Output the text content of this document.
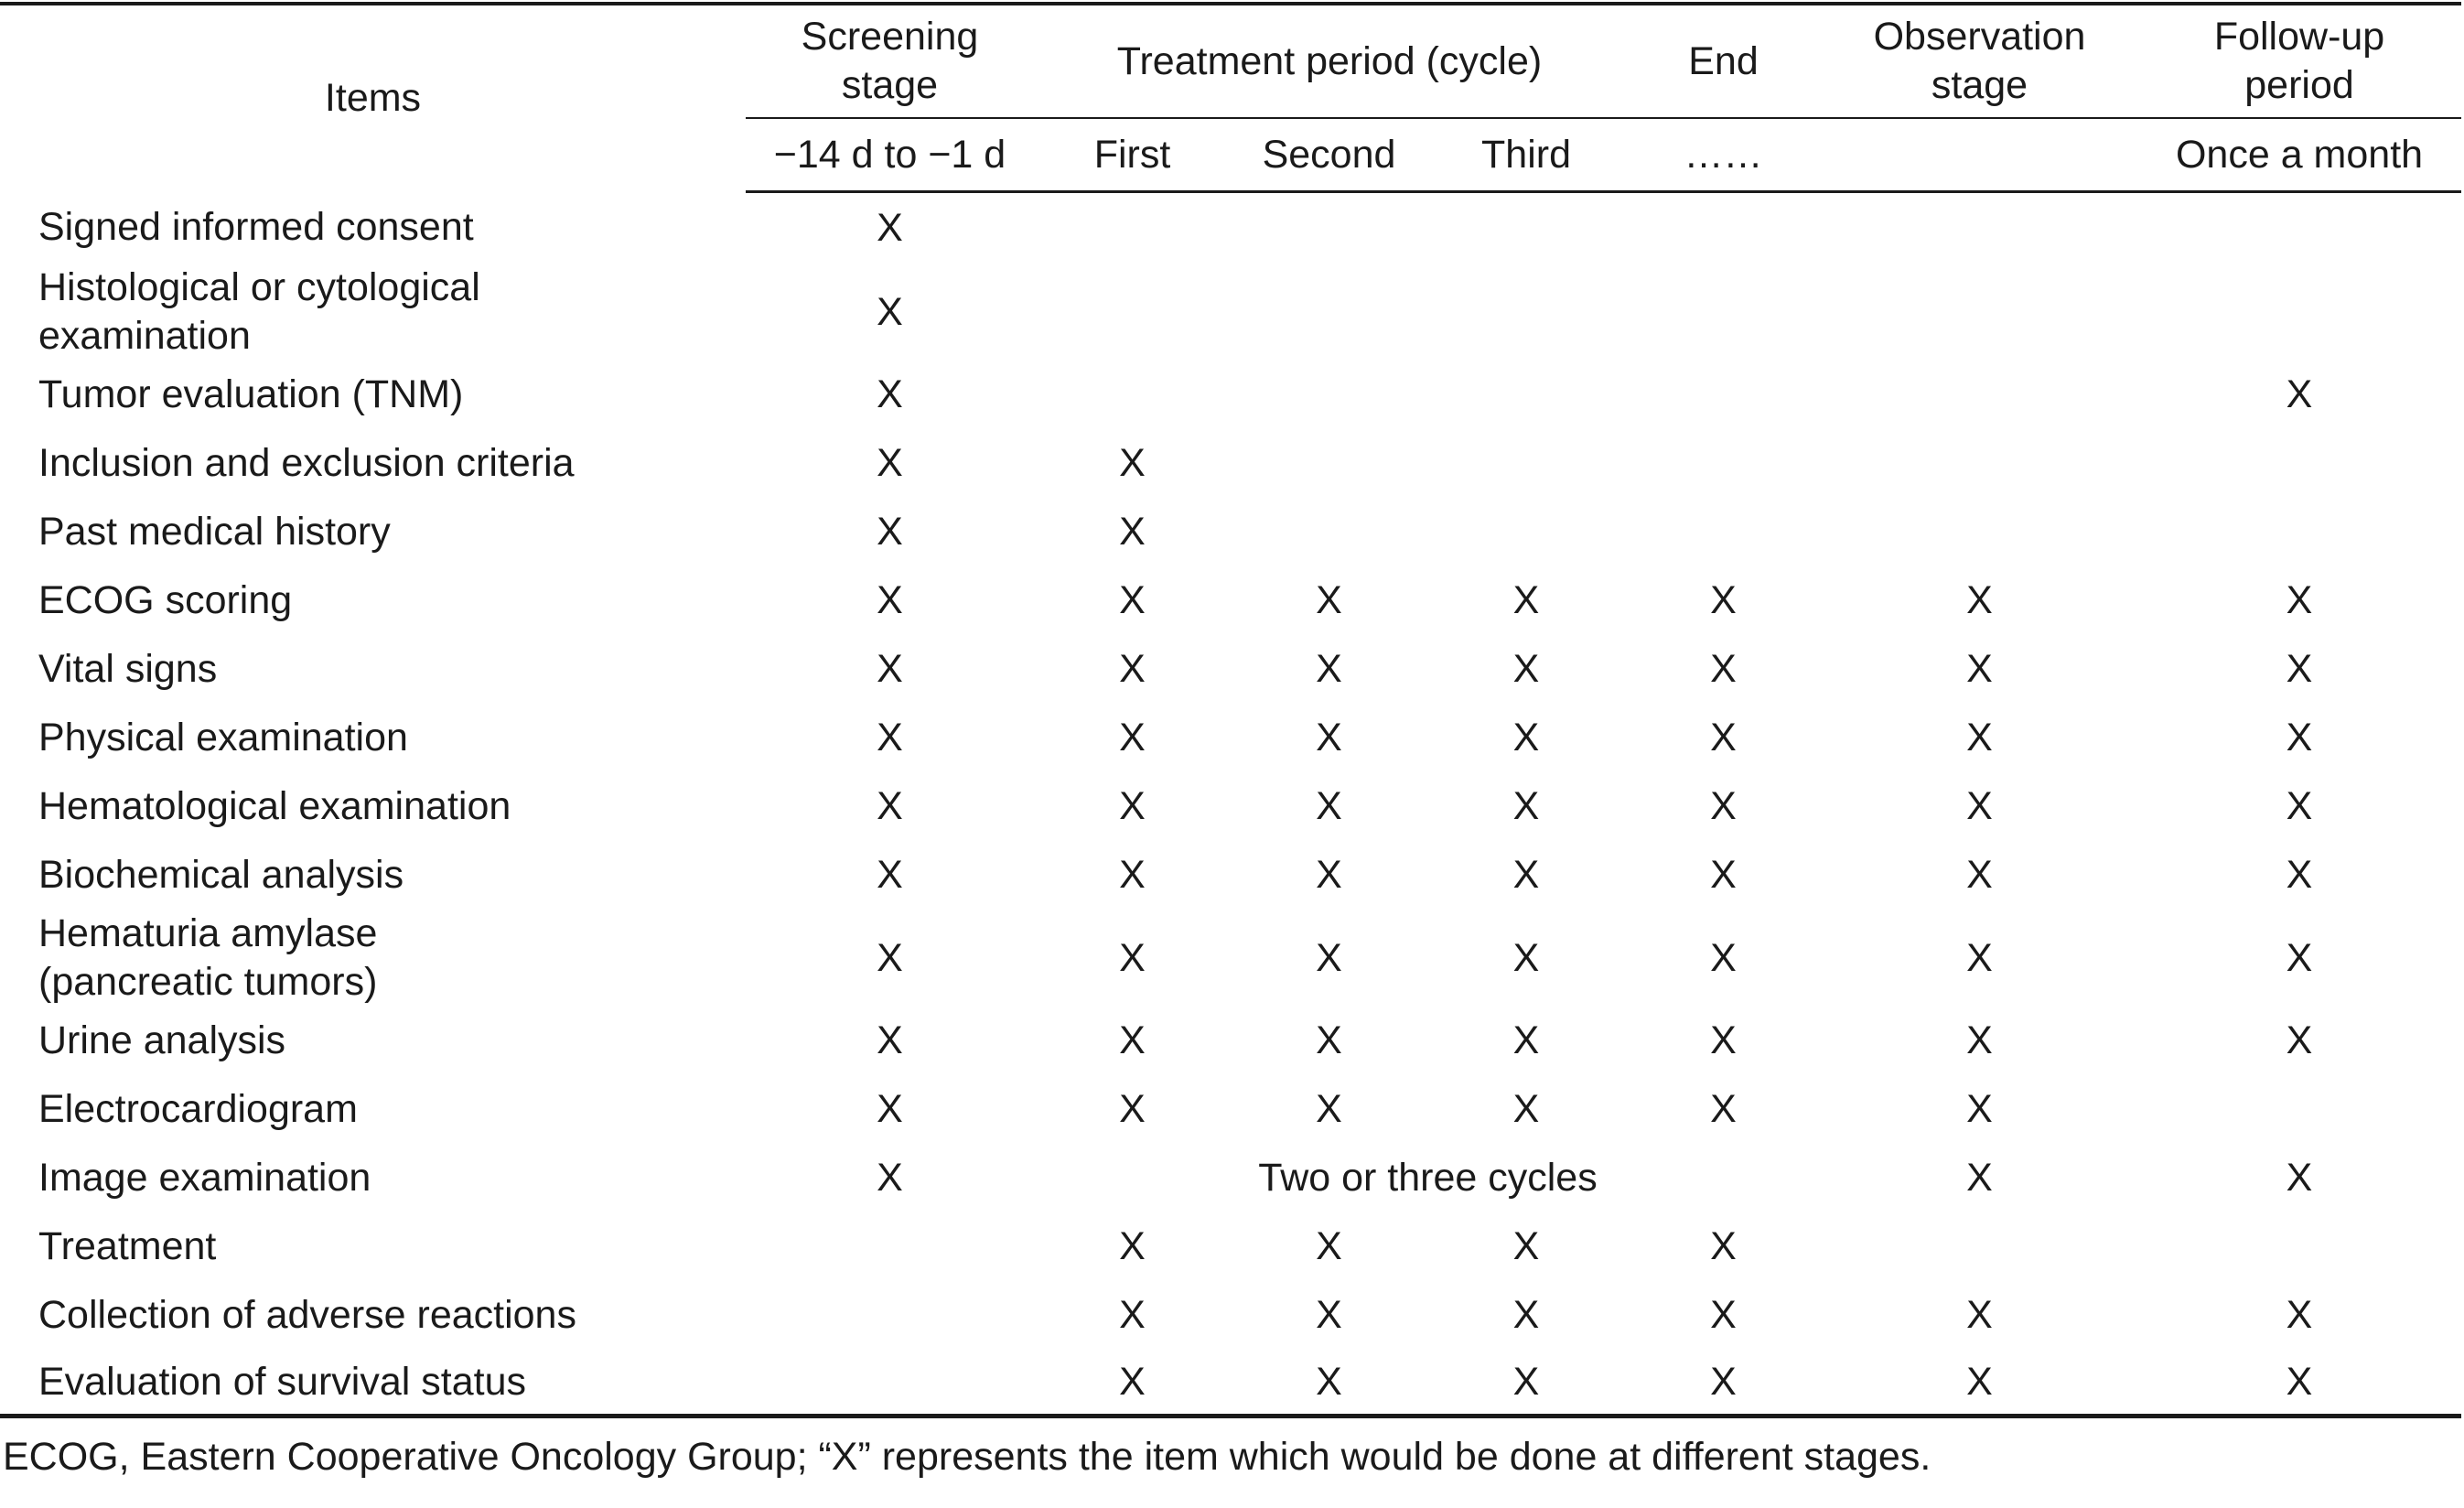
Items	Screening stage	Treatment period (cycle)			End	Observation stage	Follow-up period

	−14 d to −1 d	First	Second	Third	……		Once a month
Signed informed consent	X						

Histological or cytological examination	X						
Tumor evaluation (TNM)	X						X
Inclusion and exclusion criteria	X	X					
Past medical history	X	X					
ECOG scoring	X	X	X	X	X	X	X
Vital signs	X	X	X	X	X	X	X
Physical examination	X	X	X	X	X	X	X
Hematological examination	X	X	X	X	X	X	X
Biochemical analysis	X	X	X	X	X	X	X

Hematuria amylase (pancreatic tumors)	X	X	X	X	X	X	X
Urine analysis	X	X	X	X	X	X	X
Electrocardiogram	X	X	X	X	X	X	
Image examination	X	Two or three cycles				X	X
Treatment		X	X	X	X		
Collection of adverse reactions		X	X	X	X	X	X
Evaluation of survival status		X	X	X	X	X	X
ECOG, Eastern Cooperative Oncology Group; “X” represents the item which would be done at different stages.
